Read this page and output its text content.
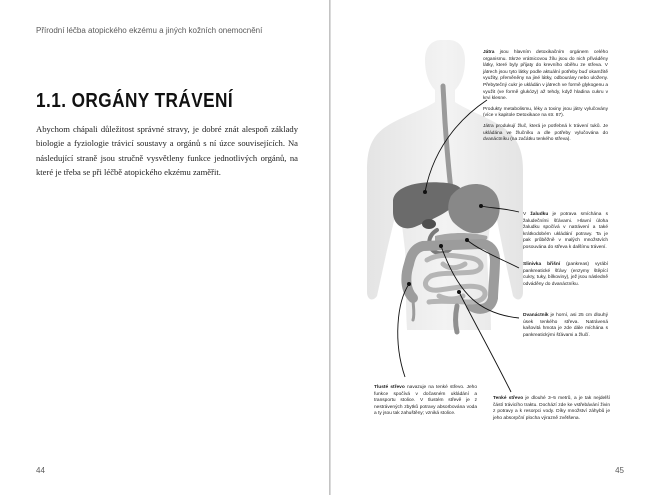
Přírodní léčba atopického ekzému a jiných kožních onemocnění
1.1. ORGÁNY TRÁVENÍ

Abychom chápali důležitost správné stravy, je dobré znát alespoň základy biologie a fyziologie trávicí soustavy a orgánů s ní úzce souvisejících. Na následující straně jsou stručně vysvětleny funkce jednotlivých orgánů, na které je třeba se při léčbě atopického ekzému zaměřit.

44

Játra jsou hlavním detoxikačním orgánem celého organismu. Skrze vrátnicovou žílu jsou do nich přiváděny látky, které byly přijaty do krevního oběhu ze střeva. V játrech jsou tyto látky podle aktuální potřeby buď okamžitě využity, přeměněny na jiné látky, odbourány nebo uloženy. Přebytečný cukr je ukládán v játrech ve formě glykogenu a využit (ve formě glukózy) až tehdy, když hladina cukru v krvi klesne.

Produkty metabolismu, léky a toxiny jsou játry vylučovány (více v kapitole Detoxikace na str. 87).

Játra produkují žluč, která je potřebná k trávení tuků. Je ukládána ve žlučníku a dle potřeby vylučována do dvanáctníku (na začátku tenkého střeva).

V žaludku je potrava smíchána s žaludečními šťávami. Hlavní úloha žaludku spočívá v natrávení a také krátkodobém ukládání potravy. Ta je pak průběžně v malých množstvích posouvána do střeva k dalšímu trávení.
Slinivka břišní (pankreas) vyrábí pankreatické šťávy (enzymy štěpící cukry, tuky, bílkoviny), jež jsou následně odváděny do dvanáctníku.
Dvanáctník je horní, asi 25 cm dlouhý úsek tenkého střeva. Natrávená kašovitá hmota je zde dále míchána s pankreatickými šťávami a žlučí.
Tlusté střevo navazuje na tenké střevo. Jeho funkce spočívá v dočasném ukládání a transportu stolice. V tlustém střevě je z nestrávených zbytků potravy absorbována voda a ty jsou tak zahuštěny; vzniká stolice.
Tenké střevo je dlouhé 3–5 metrů, a je tak nejdelší částí trávicího traktu. Dochází zde ke vstřebávání živin z potravy a k resorpci vody. Díky množství záhybů je jeho absorpční plocha výrazně zvětšena.
45
